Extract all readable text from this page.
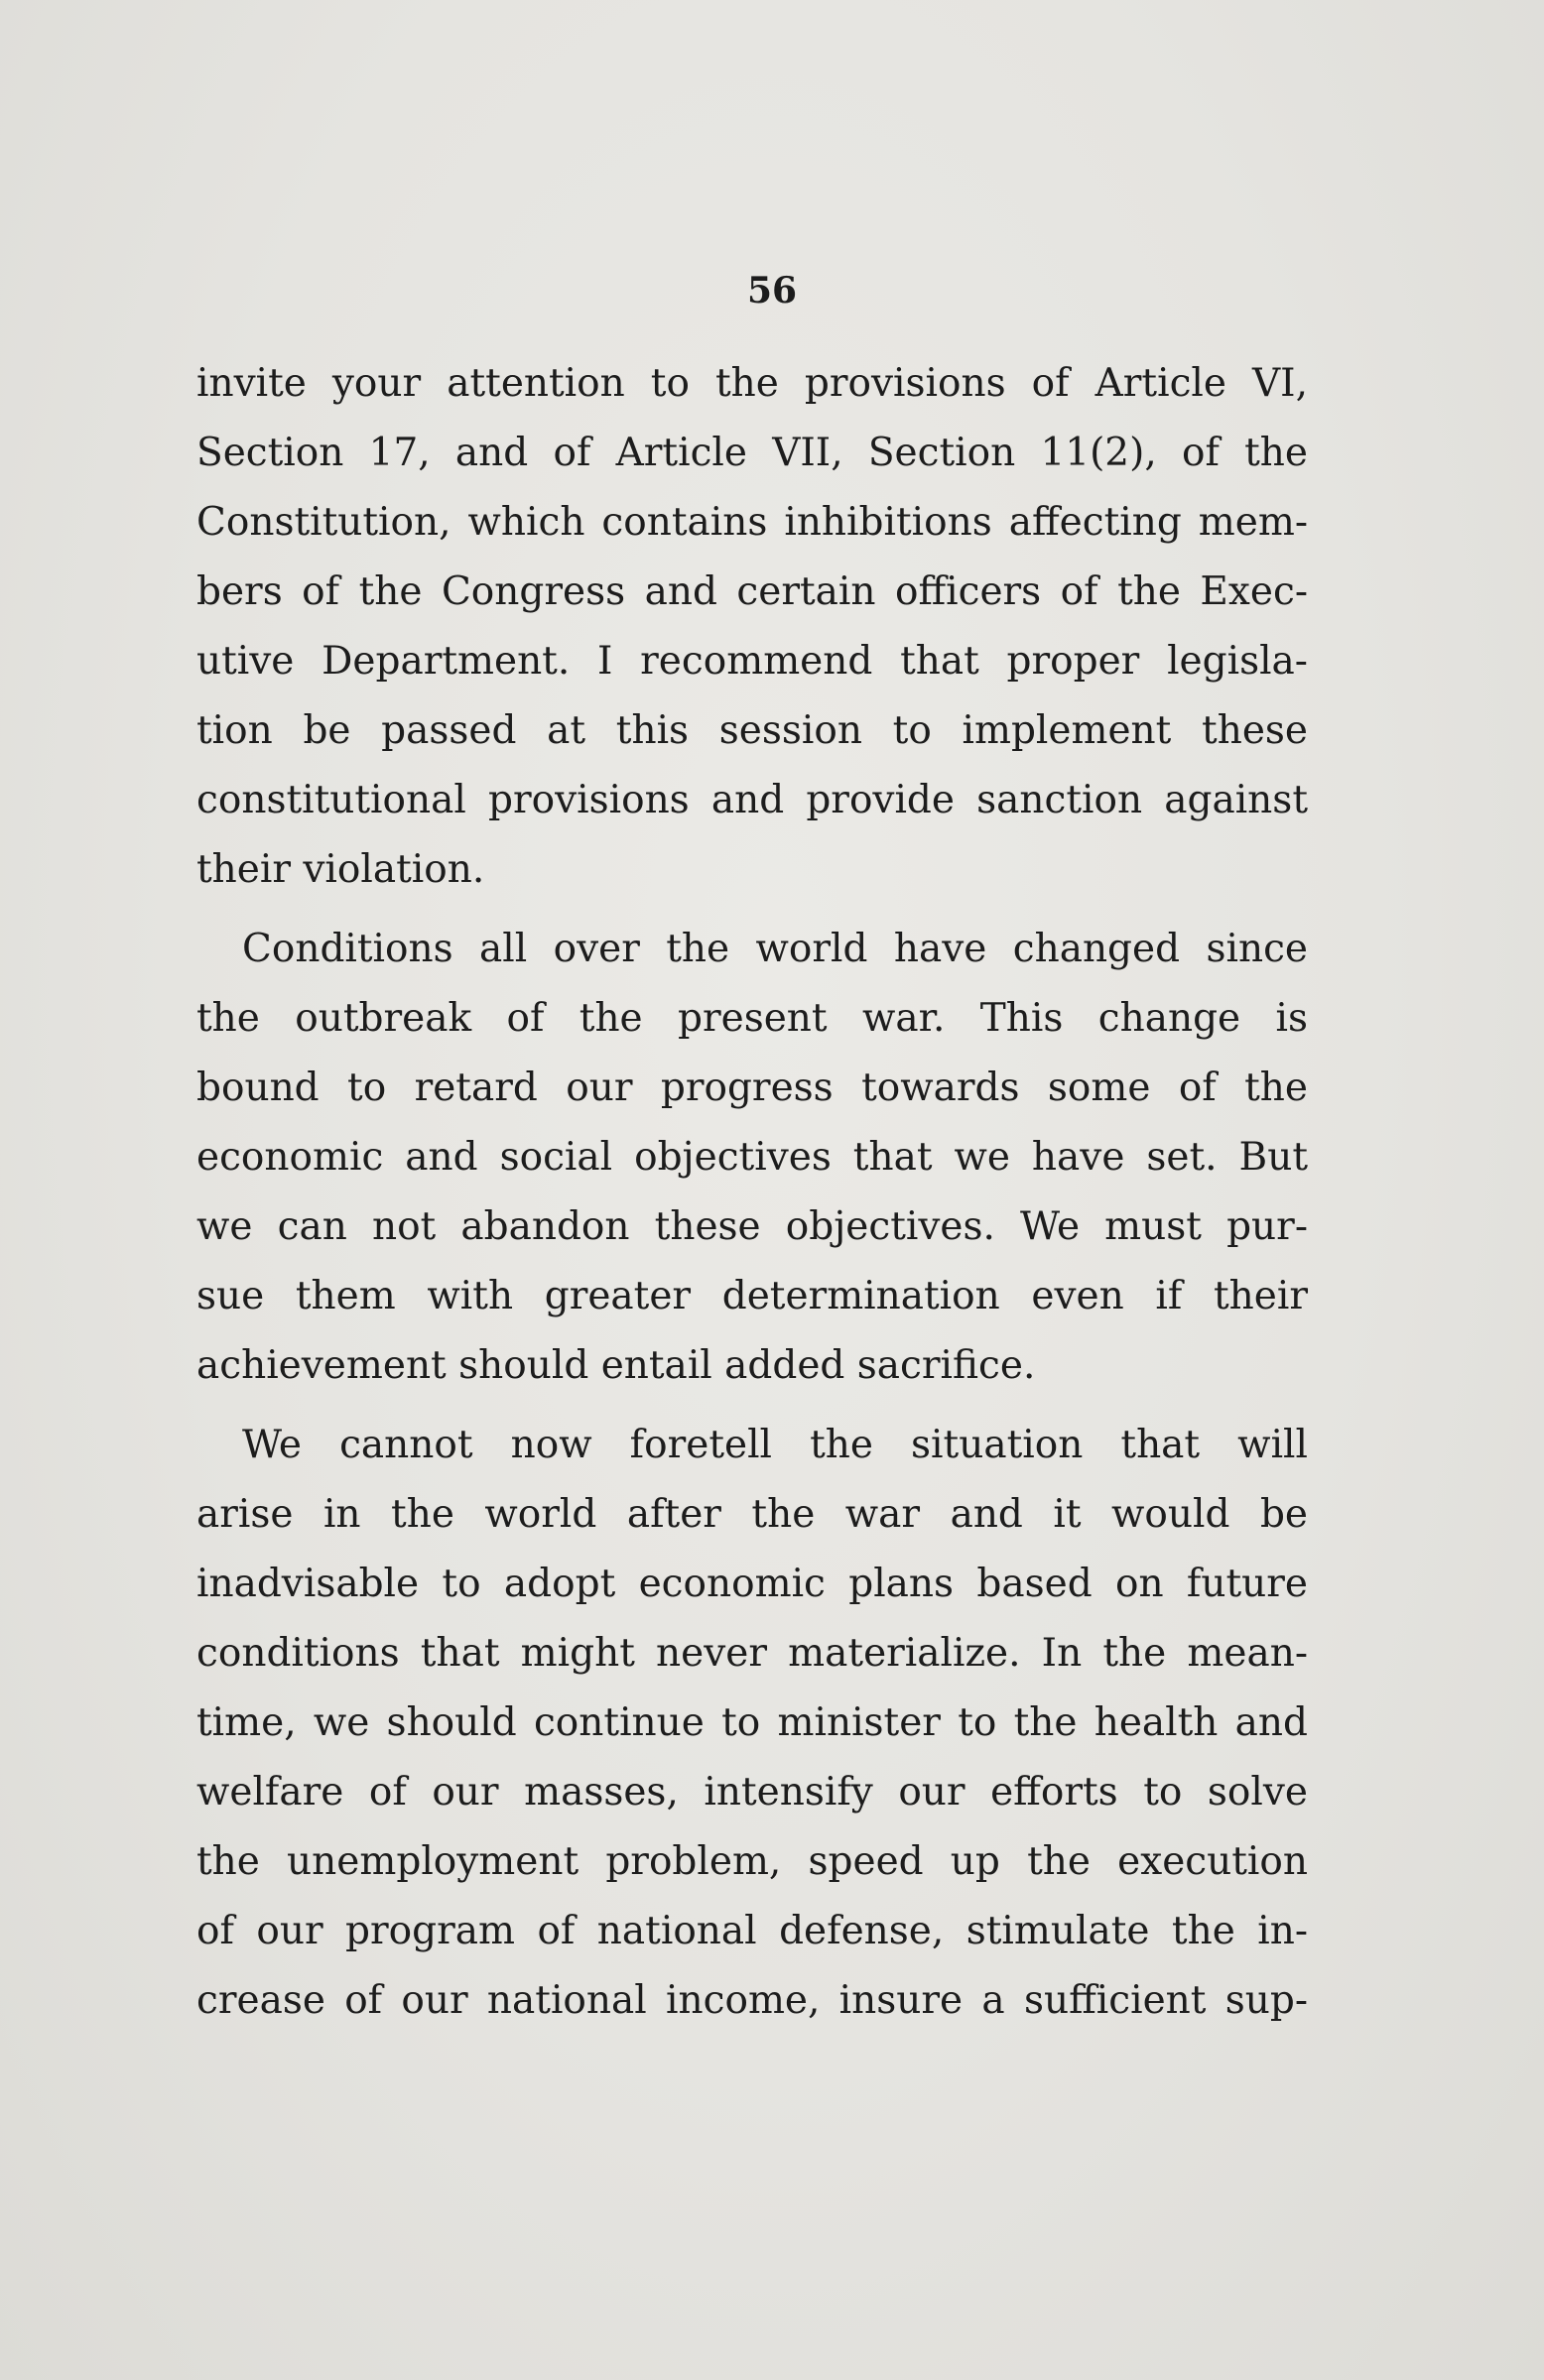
56
invite your attention to the provisions of Article VI,
Section 17, and of Article VII, Section 11(2), of the
Constitution, which contains inhibitions affecting mem-
bers of the Congress and certain officers of the Exec-
utive Department. I recommend that proper legisla-
tion be passed at this session to implement these
constitutional provisions and provide sanction against
their violation.
Conditions all over the world have changed since
the outbreak of the present war. This change is
bound to retard our progress towards some of the
economic and social objectives that we have set. But
we can not abandon these objectives. We must pur-
sue them with greater determination even if their
achievement should entail added sacrifice.
We cannot now foretell the situation that will
arise in the world after the war and it would be
inadvisable to adopt economic plans based on future
conditions that might never materialize. In the mean-
time, we should continue to minister to the health and
welfare of our masses, intensify our efforts to solve
the unemployment problem, speed up the execution
of our program of national defense, stimulate the in-
crease of our national income, insure a sufficient sup-
